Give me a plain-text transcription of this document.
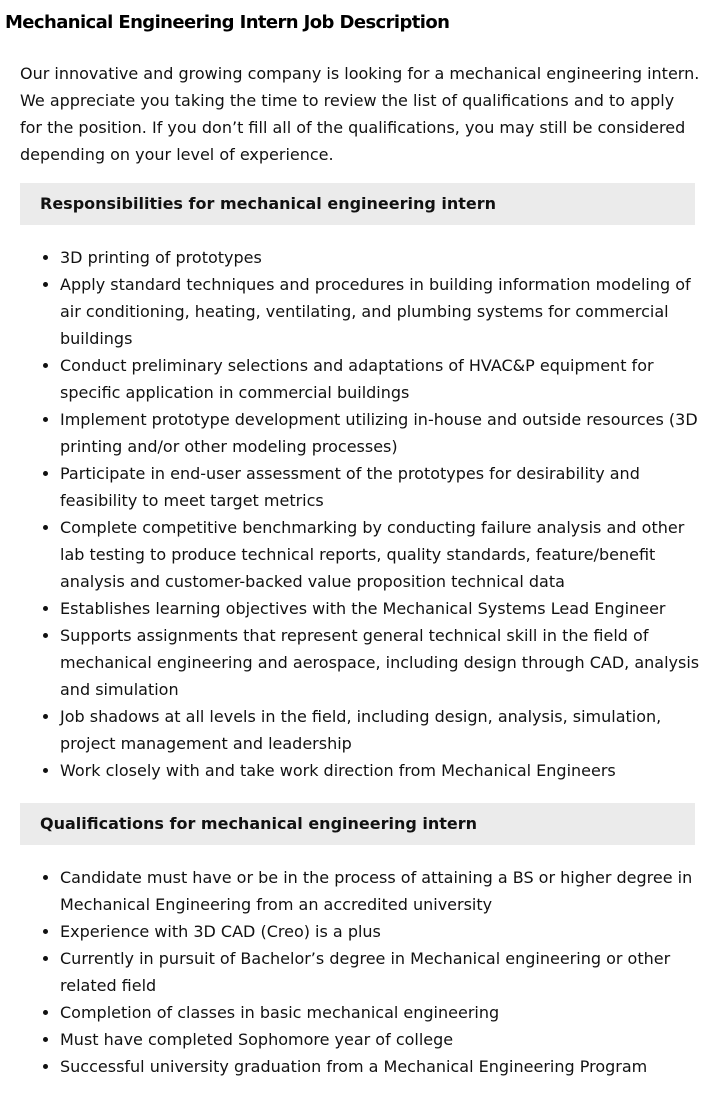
Mechanical Engineering Intern Job Description

Our innovative and growing company is looking for a mechanical engineering intern. We appreciate you taking the time to review the list of qualifications and to apply for the position. If you don’t fill all of the qualifications, you may still be considered depending on your level of experience.

Responsibilities for mechanical engineering intern
• 3D printing of prototypes
• Apply standard techniques and procedures in building information modeling of air conditioning, heating, ventilating, and plumbing systems for commercial buildings
• Conduct preliminary selections and adaptations of HVAC&P equipment for specific application in commercial buildings
• Implement prototype development utilizing in-house and outside resources (3D printing and/or other modeling processes)
• Participate in end-user assessment of the prototypes for desirability and feasibility to meet target metrics
• Complete competitive benchmarking by conducting failure analysis and other lab testing to produce technical reports, quality standards, feature/benefit analysis and customer-backed value proposition technical data
• Establishes learning objectives with the Mechanical Systems Lead Engineer
• Supports assignments that represent general technical skill in the field of mechanical engineering and aerospace, including design through CAD, analysis and simulation
• Job shadows at all levels in the field, including design, analysis, simulation, project management and leadership
• Work closely with and take work direction from Mechanical Engineers
Qualifications for mechanical engineering intern
• Candidate must have or be in the process of attaining a BS or higher degree in Mechanical Engineering from an accredited university
• Experience with 3D CAD (Creo) is a plus
• Currently in pursuit of Bachelor’s degree in Mechanical engineering or other related field
• Completion of classes in basic mechanical engineering
• Must have completed Sophomore year of college
• Successful university graduation from a Mechanical Engineering Program
